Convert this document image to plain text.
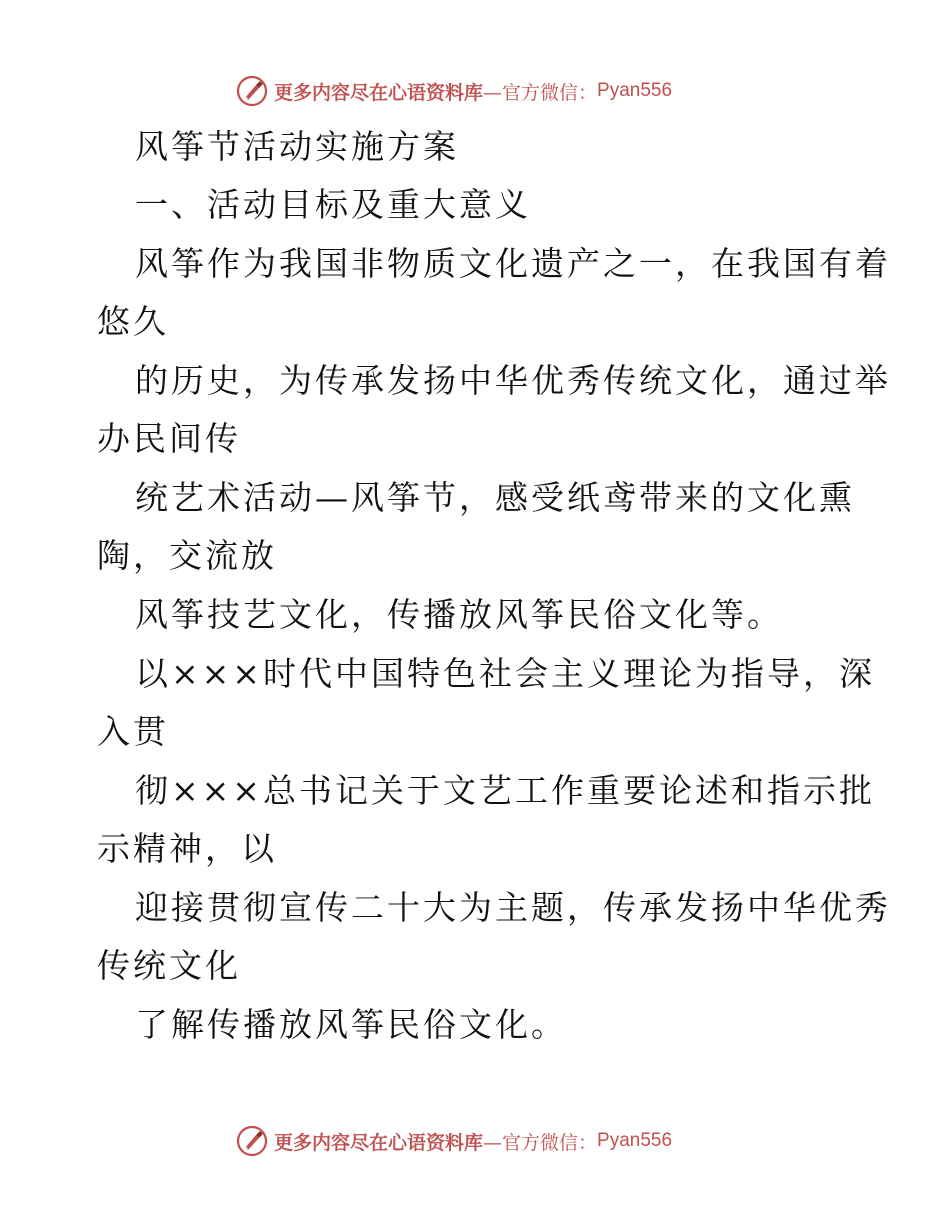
更多内容尽在心语资料库 —官方微信： Pyan556
风筝节活动实施方案
一、活动目标及重大意义
风筝作为我国非物质文化遗产之一，在我国有着
悠久
的历史，为传承发扬中华优秀传统文化，通过举
办民间传
统艺术活动—风筝节，感受纸鸢带来的文化熏
陶，交流放
风筝技艺文化，传播放风筝民俗文化等。
以×××时代中国特色社会主义理论为指导，深
入贯
彻×××总书记关于文艺工作重要论述和指示批
示精神，以
迎接贯彻宣传二十大为主题，传承发扬中华优秀
传统文化
了解传播放风筝民俗文化。
更多内容尽在心语资料库 —官方微信： Pyan556
